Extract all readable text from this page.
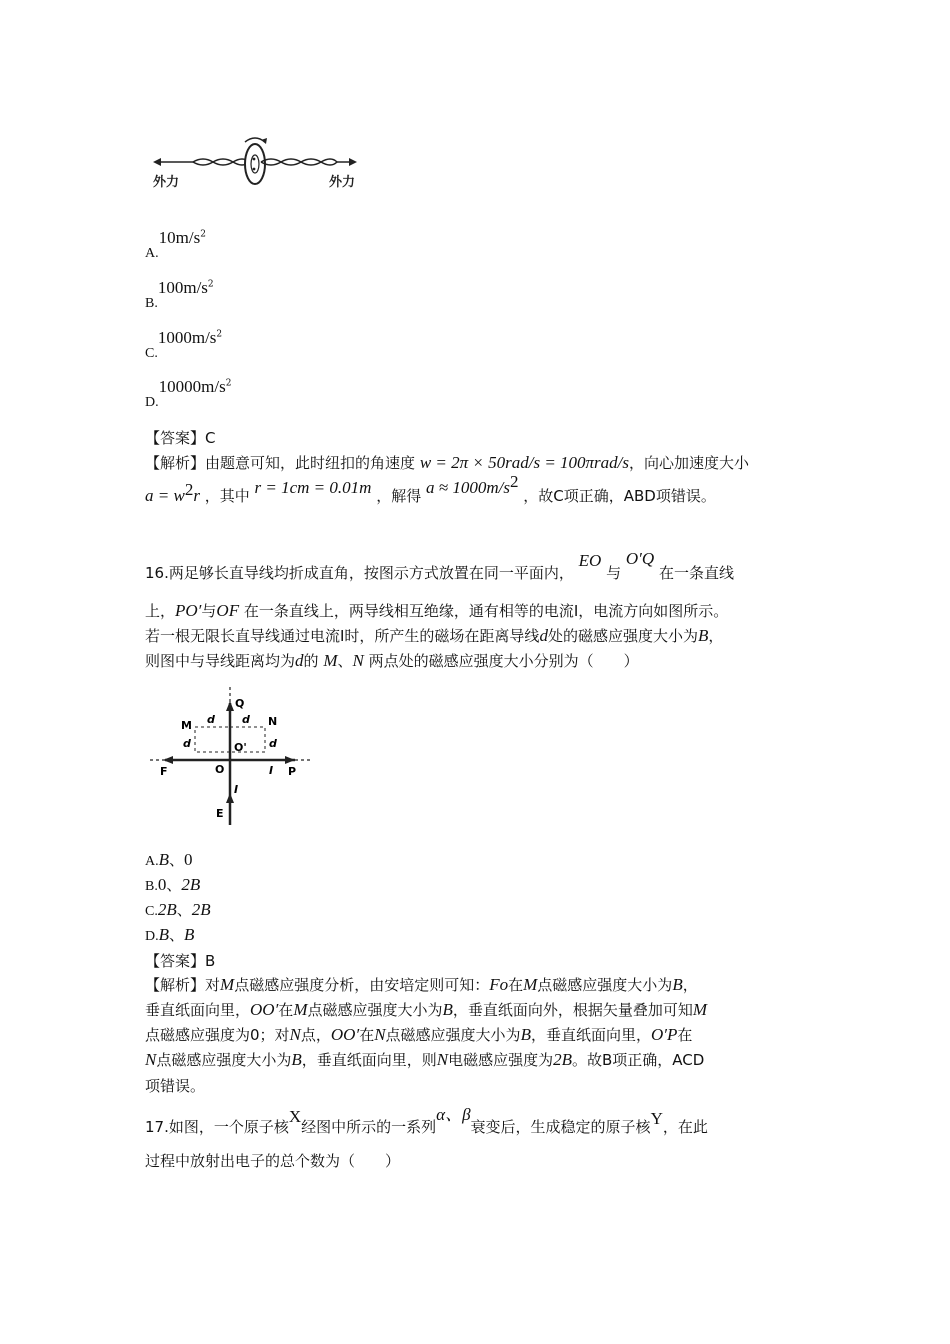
外力	外力
$A.10m/s^2$
$B.100m/s^2$
$C.1000m/s^2$
$D.10000m/s^2$
【答案】C
【解析】由题意可知，此时纽扣的角速度 w = 2π × 50rad/s = 100πrad/s，向心加速度大小
$a = w^2r$ ，其中 r = 1cm = 0.01m ，解得 $a \approx 1000m/s^2$ ，故C项正确，ABD项错误。
16.两足够长直导线均折成直角，按图示方式放置在同一平面内， EO 与 O′Q 在一条直线
上，PO′与OF 在一条直线上，两导线相互绝缘，通有相等的电流I，电流方向如图所示。
若一根无限长直导线通过电流I时，所产生的磁场在距离导线d处的磁感应强度大小为B，
则图中与导线距离均为d的 M、N 两点处的磁感应强度大小分别为（　　）
Q
M	N
d d
d	d
O'
O
F	P
I
I
E
A.B、0
B.0、2B
C.2B、2B
D.B、B
【答案】B
【解析】对M点磁感应强度分析，由安培定则可知：Fo在M点磁感应强度大小为B，
垂直纸面向里，OO′在M点磁感应强度大小为B，垂直纸面向外，根据矢量叠加可知M
点磁感应强度为0；对N点，OO′在N点磁感应强度大小为B，垂直纸面向里，O′P在
N点磁感应强度大小为B，垂直纸面向里，则N电磁感应强度为2B。故B项正确，ACD
项错误。
17.如图，一个原子核X经图中所示的一系列α、β衰变后，生成稳定的原子核Y，在此
过程中放射出电子的总个数为（　　）
